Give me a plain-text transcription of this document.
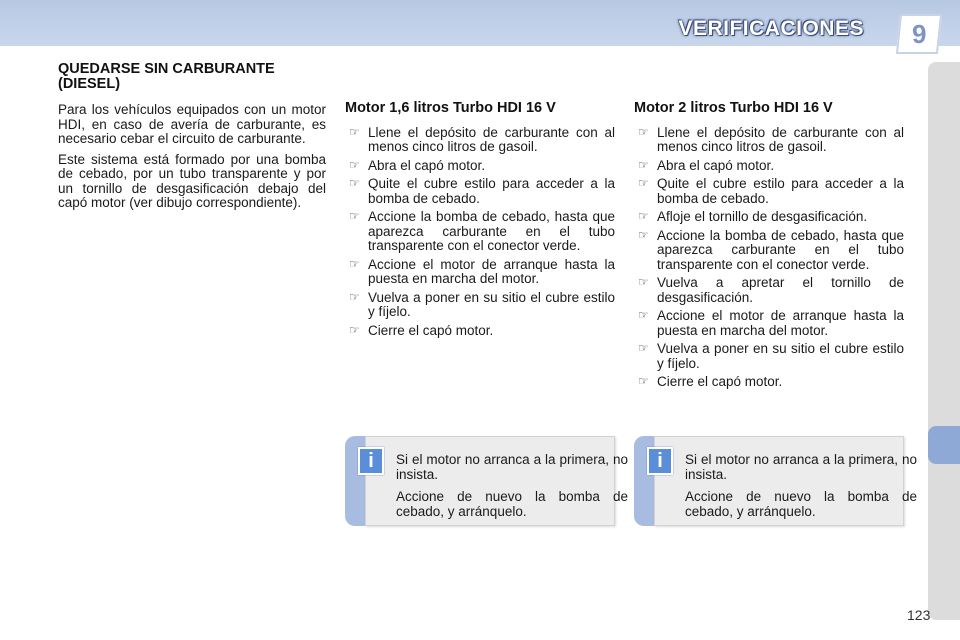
VERIFICACIONES 9
QUEDARSE SIN CARBURANTE (DIESEL)

Para los vehículos equipados con un motor HDI, en caso de avería de carburante, es necesario cebar el circuito de carburante.

Este sistema está formado por una bomba de cebado, por un tubo transparente y por un tornillo de desgasificación debajo del capó motor (ver dibujo correspondiente).

Motor 1,6 litros Turbo HDI 16 V
☞ Llene el depósito de carburante con al menos cinco litros de gasoil.
☞ Abra el capó motor.
☞ Quite el cubre estilo para acceder a la bomba de cebado.
☞ Accione la bomba de cebado, hasta que aparezca carburante en el tubo transparente con el conector verde.
☞ Accione el motor de arranque hasta la puesta en marcha del motor.
☞ Vuelva a poner en su sitio el cubre estilo y fíjelo.
☞ Cierre el capó motor.
Motor 2 litros Turbo HDI 16 V
☞ Llene el depósito de carburante con al menos cinco litros de gasoil.
☞ Abra el capó motor.
☞ Quite el cubre estilo para acceder a la bomba de cebado.
☞ Afloje el tornillo de desgasificación.
☞ Accione la bomba de cebado, hasta que aparezca carburante en el tubo transparente con el conector verde.
☞ Vuelva a apretar el tornillo de desgasificación.
☞ Accione el motor de arranque hasta la puesta en marcha del motor.
☞ Vuelva a poner en su sitio el cubre estilo y fíjelo.
☞ Cierre el capó motor.
i	Si el motor no arranca a la primera, no insista.

Accione de nuevo la bomba de cebado, y arránquelo.

i	Si el motor no arranca a la primera, no insista.

Accione de nuevo la bomba de cebado, y arránquelo.

123
